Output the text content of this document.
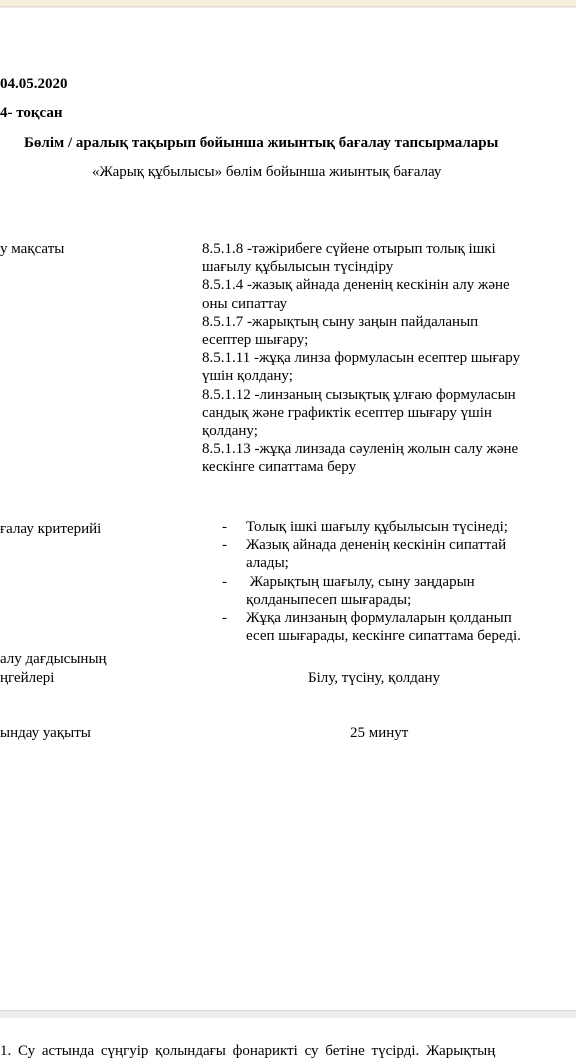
04.05.2020
4- тоқсан
Бөлім / аралық тақырып бойынша жиынтық бағалау тапсырмалары
«Жарық құбылысы» бөлім бойынша жиынтық бағалау
у мақсаты	8.5.1.8 -тәжірибеге сүйене отырып толық ішкі
шағылу құбылысын түсіндіру
8.5.1.4 -жазық айнада дененің кескінін алу және
оны сипаттау
8.5.1.7 -жарықтың сыну заңын пайдаланып
есептер шығару;
8.5.1.11 -жұқа линза формуласын есептер шығару
үшін қолдану;
8.5.1.12 -линзаның сызықтық ұлғаю формуласын
сандық және графиктік есептер шығару үшін
қолдану;
8.5.1.13 -жұқа линзада сәуленің жолын салу және
кескінге сипаттама беру
ғалау критерийі	- Толық ішкі шағылу құбылысын түсінеді;
- Жазық айнада дененің кескінін сипаттай
алады;
- Жарықтың шағылу, сыну заңдарын
қолданыпесеп шығарады;
- Жұқа линзаның формулаларын қолданып
есеп шығарады, кескінге сипаттама береді.
алу дағдысының
ңгейлері	Білу, түсіну, қолдану
ындау уақыты	25 минут
1. Су астында сүңгуір қолындағы фонарикті су бетіне түсірді. Жарықтың
